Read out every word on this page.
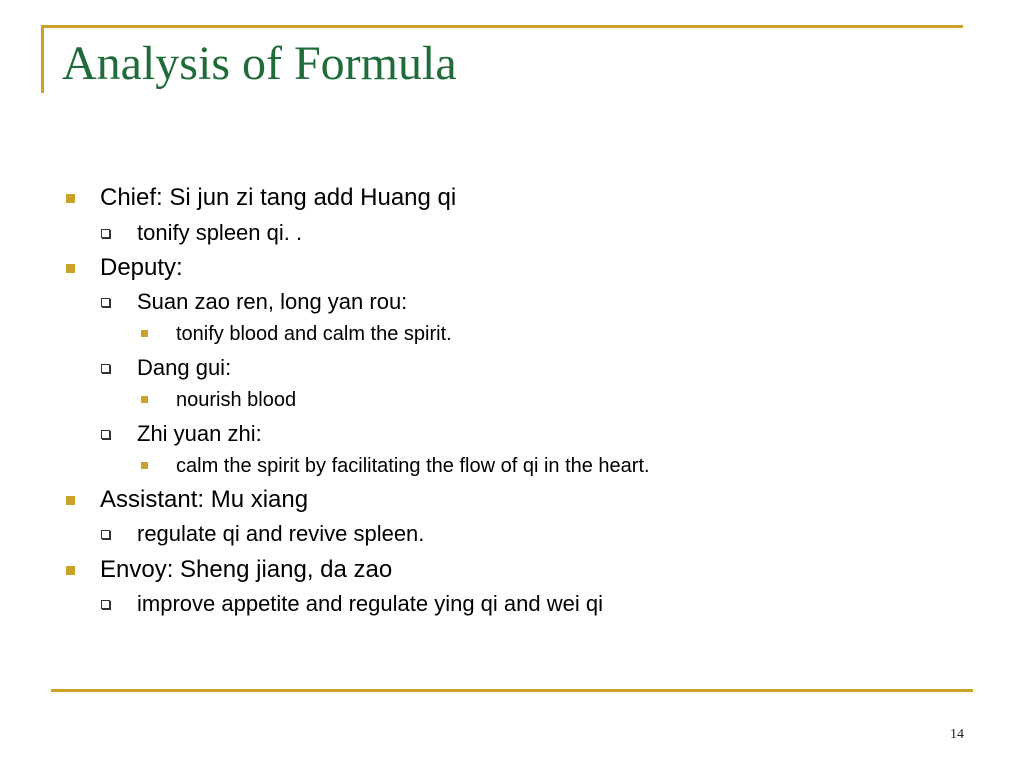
Analysis of Formula
Chief: Si jun zi tang add Huang qi
tonify spleen qi. .
Deputy:
Suan zao ren, long yan rou:
tonify blood and calm the spirit.
Dang gui:
nourish blood
Zhi yuan zhi:
calm the spirit by facilitating the flow of qi in the heart.
Assistant: Mu xiang
regulate qi and revive spleen.
Envoy: Sheng jiang, da zao
improve appetite and regulate ying qi and wei qi
14
